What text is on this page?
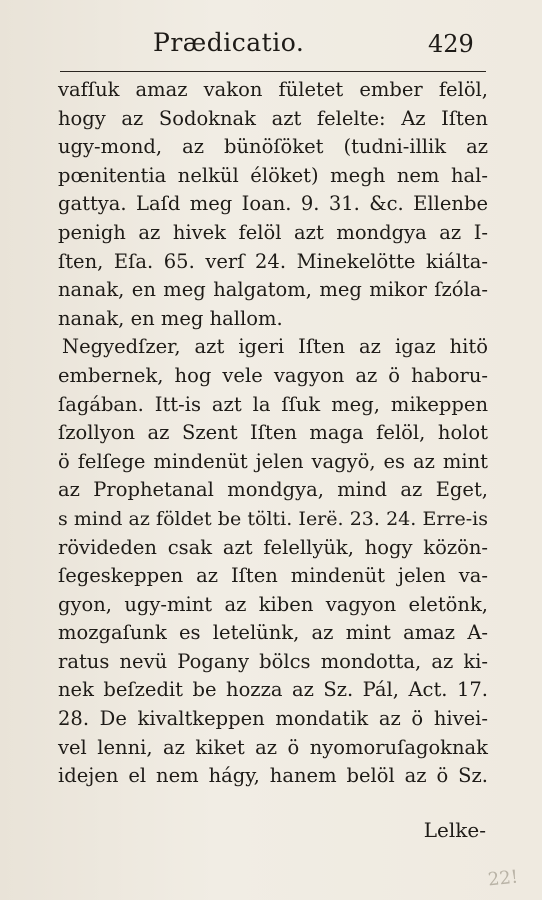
Prædicatio.	429
vafſuk amaz vakon fületet ember felöl,
hogy az Sodoknak azt felelte: Az Iſten
ugy-mond, az bünöſöket (tudni-illik az
pœnitentia nelkül élöket) megh nem hal-
gattya. Laſd meg Ioan. 9. 31. &c. Ellenbe
penigh az hivek felöl azt mondgya az I-
ſten, Eſa. 65. verſ 24. Minekelötte kiálta-
nanak, en meg halgatom, meg mikor ſzóla-
nanak, en meg hallom.
Negyedſzer, azt igeri Iſten az igaz hitö
embernek, hog vele vagyon az ö haboru-
ſagában. Itt-is azt la ſſuk meg, mikeppen
ſzollyon az Szent Iſten maga felöl, holot
ö felſege mindenüt jelen vagyö, es az mint
az Prophetanal mondgya, mind az Eget,
s mind az földet be tölti. Ierë. 23. 24. Erre-is
rövideden csak azt felellyük, hogy közön-
ſegeskeppen az Iſten mindenüt jelen va-
gyon, ugy-mint az kiben vagyon eletönk,
mozgaſunk es letelünk, az mint amaz A-
ratus nevü Pogany bölcs mondotta, az ki-
nek beſzedit be hozza az Sz. Pál, Act. 17.
28. De kivaltkeppen mondatik az ö hivei-
vel lenni, az kiket az ö nyomoruſagoknak
idejen el nem hágy, hanem belöl az ö Sz.
Lelke-
22!
